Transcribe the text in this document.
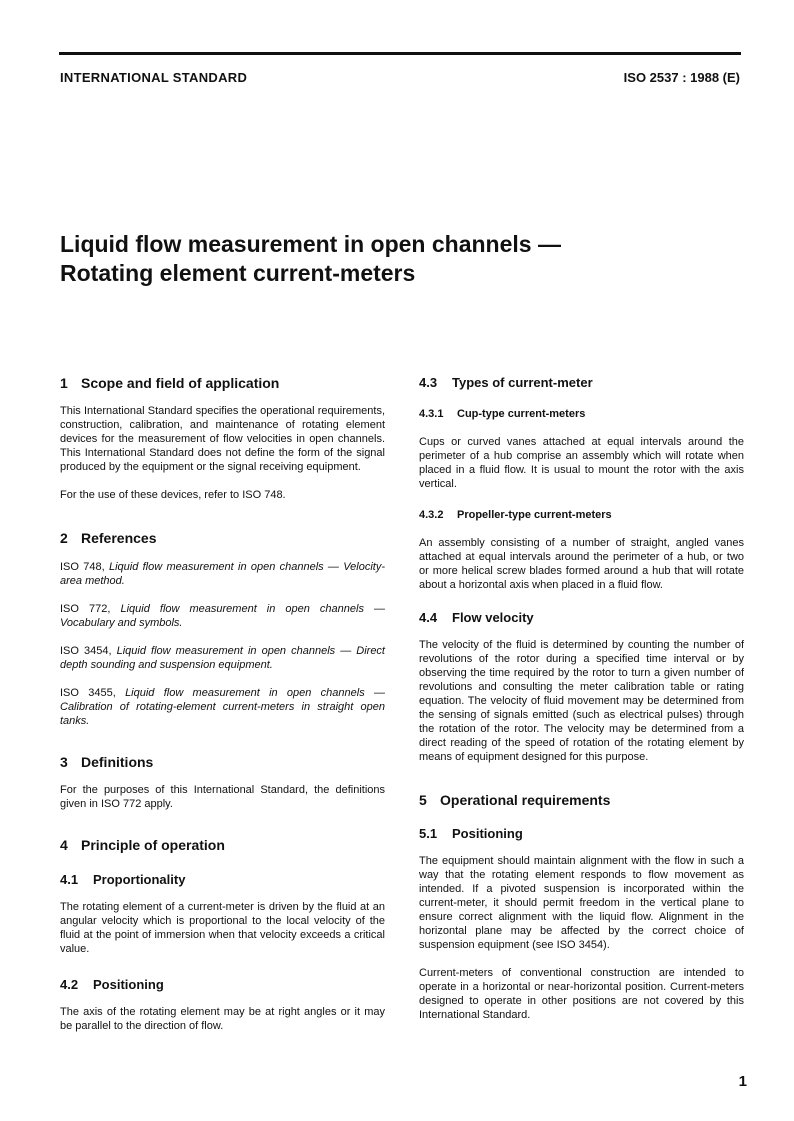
INTERNATIONAL STANDARD	ISO 2537 : 1988 (E)
Liquid flow measurement in open channels —
Rotating element current-meters
1 Scope and field of application

This International Standard specifies the operational requirements, construction, calibration, and maintenance of rotating element devices for the measurement of flow velocities in open channels. This International Standard does not define the form of the signal produced by the equipment or the signal receiving equipment.

For the use of these devices, refer to ISO 748.

2 References

ISO 748, Liquid flow measurement in open channels — Velocity-area method.

ISO 772, Liquid flow measurement in open channels — Vocabulary and symbols.

ISO 3454, Liquid flow measurement in open channels — Direct depth sounding and suspension equipment.

ISO 3455, Liquid flow measurement in open channels — Calibration of rotating-element current-meters in straight open tanks.

3 Definitions

For the purposes of this International Standard, the definitions given in ISO 772 apply.

4 Principle of operation
4.1 Proportionality

The rotating element of a current-meter is driven by the fluid at an angular velocity which is proportional to the local velocity of the fluid at the point of immersion when that velocity exceeds a critical value.

4.2 Positioning

The axis of the rotating element may be at right angles or it may be parallel to the direction of flow.

4.3 Types of current-meter
4.3.1 Cup-type current-meters

Cups or curved vanes attached at equal intervals around the perimeter of a hub comprise an assembly which will rotate when placed in a fluid flow. It is usual to mount the rotor with the axis vertical.

4.3.2 Propeller-type current-meters

An assembly consisting of a number of straight, angled vanes attached at equal intervals around the perimeter of a hub, or two or more helical screw blades formed around a hub that will rotate about a horizontal axis when placed in a fluid flow.

4.4 Flow velocity

The velocity of the fluid is determined by counting the number of revolutions of the rotor during a specified time interval or by observing the time required by the rotor to turn a given number of revolutions and consulting the meter calibration table or rating equation. The velocity of fluid movement may be determined from the sensing of signals emitted (such as electrical pulses) through the rotation of the rotor. The velocity may be determined from a direct reading of the speed of rotation of the rotating element by means of equipment designed for this purpose.

5 Operational requirements
5.1 Positioning

The equipment should maintain alignment with the flow in such a way that the rotating element responds to flow movement as intended. If a pivoted suspension is incorporated within the current-meter, it should permit freedom in the vertical plane to ensure correct alignment with the liquid flow. Alignment in the horizontal plane may be affected by the correct choice of suspension equipment (see ISO 3454).

Current-meters of conventional construction are intended to operate in a horizontal or near-horizontal position. Current-meters designed to operate in other positions are not covered by this International Standard.

1
